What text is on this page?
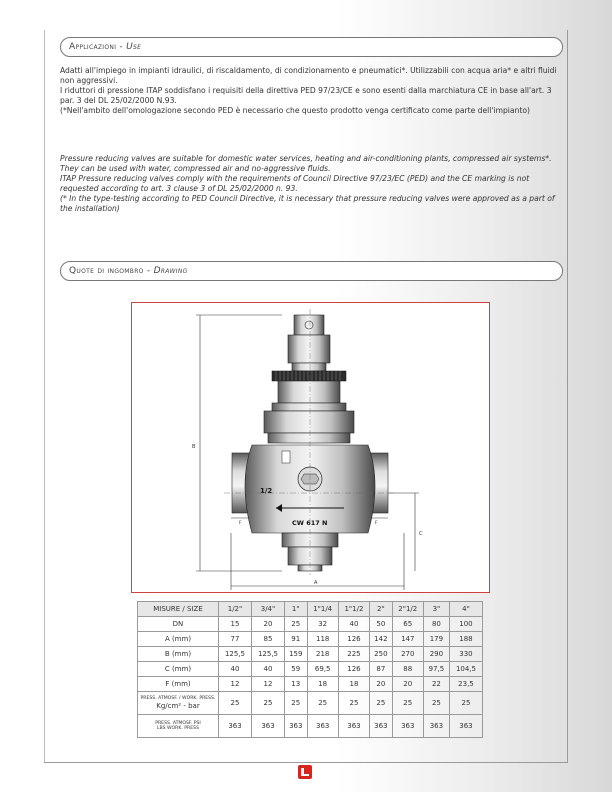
Applicazioni - Use
Adatti all'impiego in impianti idraulici, di riscaldamento, di condizionamento e pneumatici*. Utilizzabili con acqua aria* e altri fluidi non aggressivi.
I riduttori di pressione ITAP soddisfano i requisiti della direttiva PED 97/23/CE e sono esenti dalla marchiatura CE in base all'art. 3 par. 3 del DL 25/02/2000 N.93.
(*Nell'ambito dell'omologazione secondo PED è necessario che questo prodotto venga certificato come parte dell'impianto)
Pressure reducing valves are suitable for domestic water services, heating and air-conditioning plants, compressed air systems*. They can be used with water, compressed air and no-aggressive fluids.
ITAP Pressure reducing valves comply with the requirements of Council Directive 97/23/EC (PED) and the CE marking is not requested according to art. 3 clause 3 of DL 25/02/2000 n. 93.
(* In the type-testing according to PED Council Directive, it is necessary that pressure reducing valves were approved as a part of the installation)
Quote di ingombro - Drawing
B
A
C
F	F
1/2
CW 617 N
MISURE / SIZE	1/2"	3/4"	1"	1"1/4	1"1/2	2"	2"1/2	3"	4"
DN	15	20	25	32	40	50	65	80	100
A (mm)	77	85	91	118	126	142	147	179	188
B (mm)	125,5	125,5	159	218	225	250	270	290	330
C (mm)	40	40	59	69,5	126	87	88	97,5	104,5
F (mm)	12	12	13	18	18	20	20	22	23,5

PRESS. ATMOSF. / WORK. PRESS.
Kg/cm² - bar	25	25	25	25	25	25	25	25	25

PRESS. ATMOSF. PSI
LBS WORK. PRESS	363	363	363	363	363	363	363	363	363
